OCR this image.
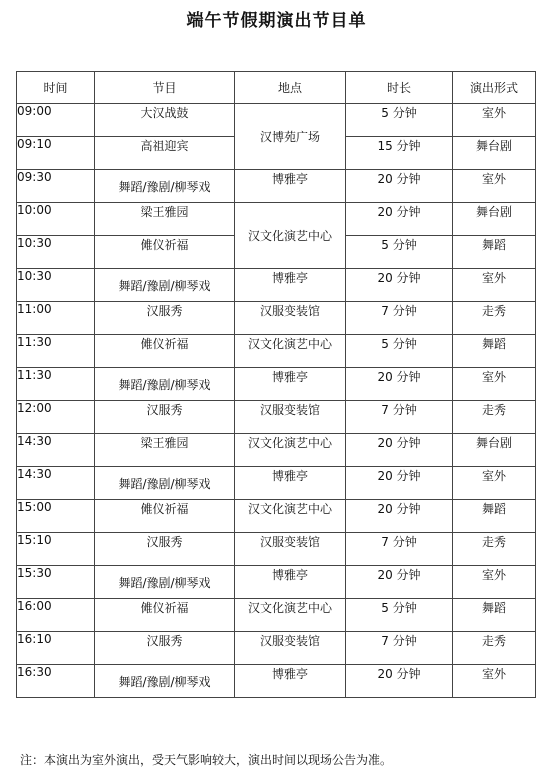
端午节假期演出节目单
时间	节目	地点	时长	演出形式
09:00	大汉战鼓	汉博苑广场	5 分钟	室外
09:10	高祖迎宾		15 分钟	舞台剧
09:30	舞蹈/豫剧/柳琴戏	博雅亭	20 分钟	室外
10:00	梁王雅园	汉文化演艺中心	20 分钟	舞台剧
10:30	傩仪祈福		5 分钟	舞蹈
10:30	舞蹈/豫剧/柳琴戏	博雅亭	20 分钟	室外
11:00	汉服秀	汉服变装馆	7 分钟	走秀
11:30	傩仪祈福	汉文化演艺中心	5 分钟	舞蹈
11:30	舞蹈/豫剧/柳琴戏	博雅亭	20 分钟	室外
12:00	汉服秀	汉服变装馆	7 分钟	走秀
14:30	梁王雅园	汉文化演艺中心	20 分钟	舞台剧
14:30	舞蹈/豫剧/柳琴戏	博雅亭	20 分钟	室外
15:00	傩仪祈福	汉文化演艺中心	20 分钟	舞蹈
15:10	汉服秀	汉服变装馆	7 分钟	走秀
15:30	舞蹈/豫剧/柳琴戏	博雅亭	20 分钟	室外
16:00	傩仪祈福	汉文化演艺中心	5 分钟	舞蹈
16:10	汉服秀	汉服变装馆	7 分钟	走秀
16:30	舞蹈/豫剧/柳琴戏	博雅亭	20 分钟	室外
注：本演出为室外演出，受天气影响较大，演出时间以现场公告为准。
